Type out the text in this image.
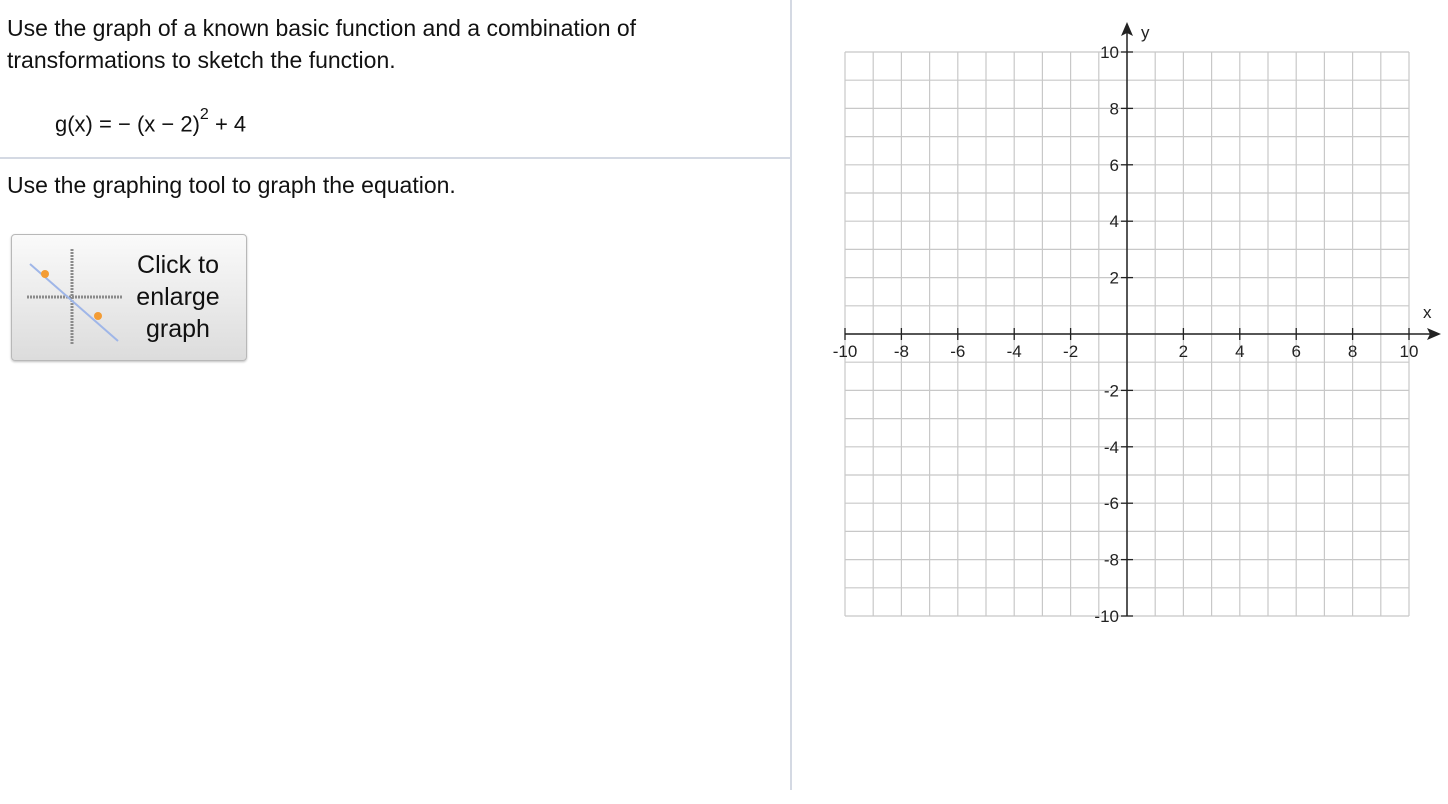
Use the graph of a known basic function and a combination of
transformations to sketch the function.
g(x) = − $(x - 2)^2 + 4$

Use the graphing tool to graph the equation.

Click to
enlarge
graph
x
y
-10 -8 -6 -4 -2	2	4	6	8 10
10
8
6
4
2
-2
-4
-6
-8
-10
